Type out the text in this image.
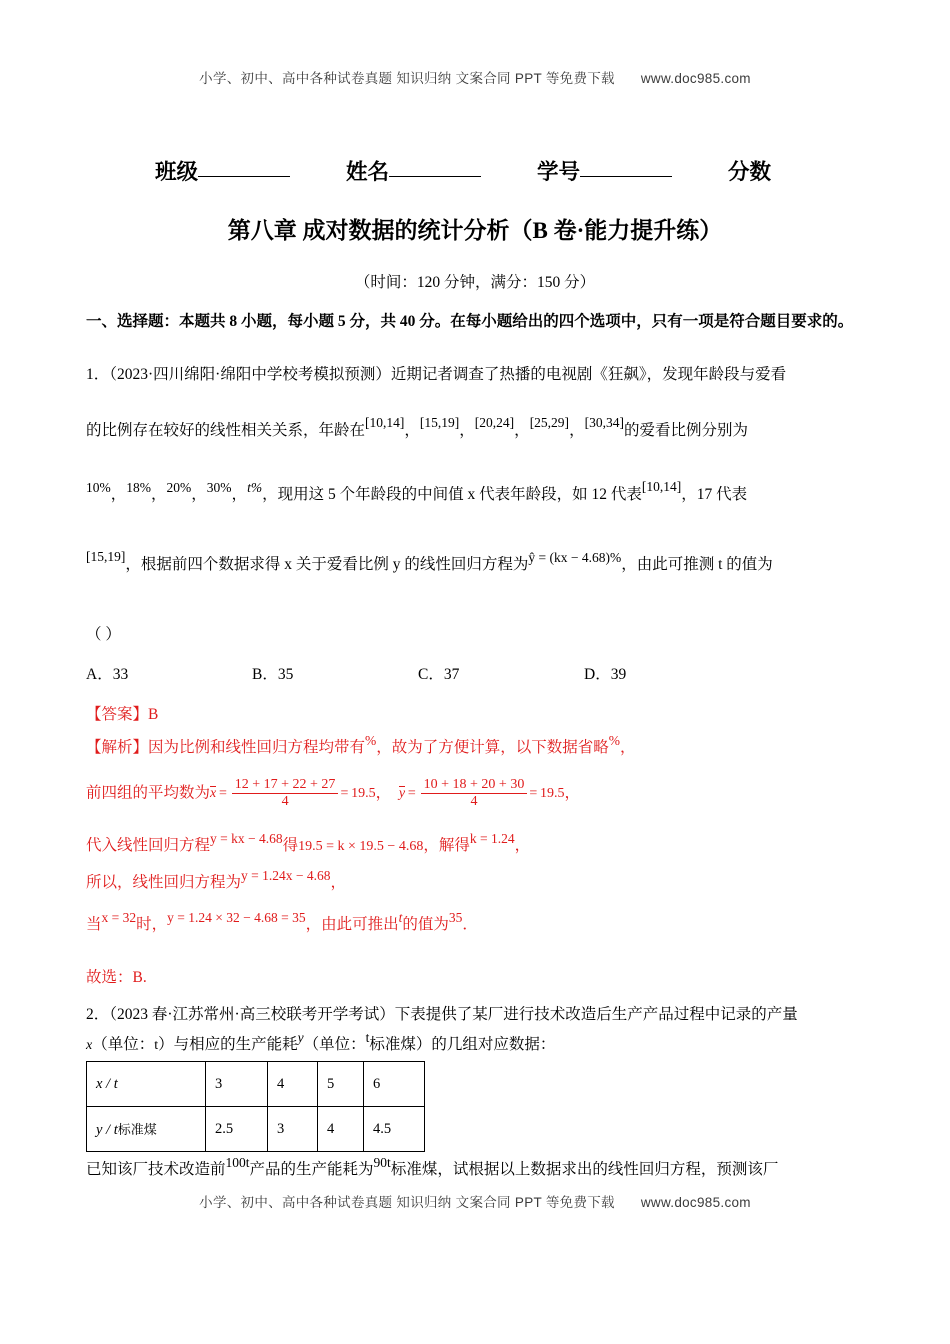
小学、初中、高中各种试卷真题 知识归纳 文案合同 PPT 等免费下载 www.doc985.com
班级	姓名	学号	分数
第八章 成对数据的统计分析（B 卷·能力提升练）
（时间：120 分钟，满分：150 分）
一、选择题：本题共 8 小题，每小题 5 分，共 40 分。在每小题给出的四个选项中，只有一项是符合题目要求的。
1．（2023·四川绵阳·绵阳中学校考模拟预测）近期记者调查了热播的电视剧《狂飙》，发现年龄段与爱看
的比例存在较好的线性相关关系，年龄在[10,14]，[15,19]，[20,24]，[25,29]，[30,34]的爱看比例分别为
10%，18%，20%，30%，t%，现用这 5 个年龄段的中间值 x 代表年龄段，如 12 代表[10,14]，17 代表
[15,19]，根据前四个数据求得 x 关于爱看比例 y 的线性回归方程为ŷ = (kx − 4.68)%，由此可推测 t 的值为
（ ）
A．33	B．35	C．37	D．39
【答案】B
【解析】因为比例和线性回归方程均带有%，故为了方便计算，以下数据省略%，
前四组的平均数为$x = \frac{12 + 17 + 22 + 27}{4} = 19.5$， $y = \frac{10 + 18 + 20 + 30}{4} = 19.5$，
代入线性回归方程y = kx − 4.68得19.5 = k × 19.5 − 4.68，解得k = 1.24，
所以，线性回归方程为y = 1.24x − 4.68，
当x = 32时，y = 1.24 × 32 − 4.68 = 35，由此可推出t的值为35．
故选：B.
2．（2023 春·江苏常州·高三校联考开学考试）下表提供了某厂进行技术改造后生产产品过程中记录的产量
x（单位：t）与相应的生产能耗y（单位：t标准煤）的几组对应数据：
x / t	3	4	5	6
y / t标准煤	2.5	3	4	4.5
已知该厂技术改造前100t产品的生产能耗为90t标准煤，试根据以上数据求出的线性回归方程，预测该厂
小学、初中、高中各种试卷真题 知识归纳 文案合同 PPT 等免费下载 www.doc985.com
